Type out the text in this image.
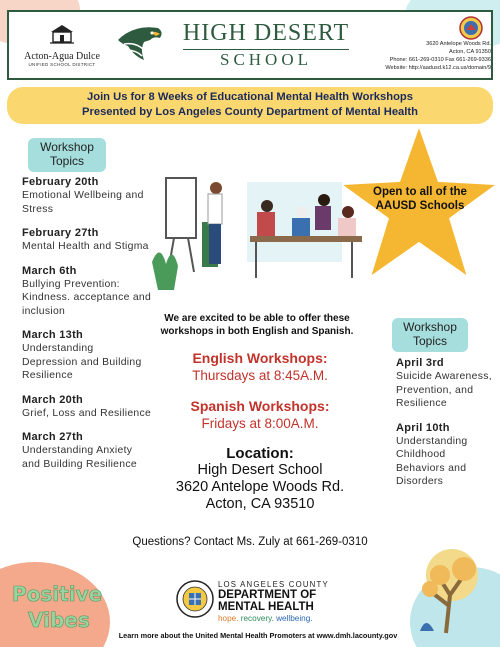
Acton-Agua Dulce
UNIFIED SCHOOL DISTRICT
HIGH DESERT
SCHOOL
3620 Antelope Woods Rd.
Acton, CA 91350
Phone: 661-269-0310 Fax 661-269-9336
Website: http://aadusd.k12.ca.us/domain/9
Join Us for 8 Weeks of Educational Mental Health Workshops
Presented by Los Angeles County Department of Mental Health
Workshop
Topics
February 20th
Emotional Wellbeing and Stress
February 27th
Mental Health and Stigma
March 6th
Bullying Prevention: Kindness. acceptance and inclusion
March 13th
Understanding Depression and Building Resilience
March 20th
Grief, Loss and Resilience
March 27th
Understanding Anxiety and Building Resilience
Open to all of the AAUSD Schools
We are excited to be able to offer these workshops in both English and Spanish.
English Workshops:
Thursdays at 8:45A.M.
Spanish Workshops:
Fridays at 8:00A.M.
Location:
High Desert School
3620 Antelope Woods Rd.
Acton, CA 93510
Questions? Contact Ms. Zuly at 661-269-0310
Workshop
Topics
April 3rd
Suicide Awareness, Prevention, and Resilience
April 10th
Understanding Childhood Behaviors and Disorders
Positive
Vibes
LOS ANGELES COUNTY
DEPARTMENT OF
MENTAL HEALTH
hope. recovery. wellbeing.
Learn more about the United Mental Health Promoters at www.dmh.lacounty.gov
